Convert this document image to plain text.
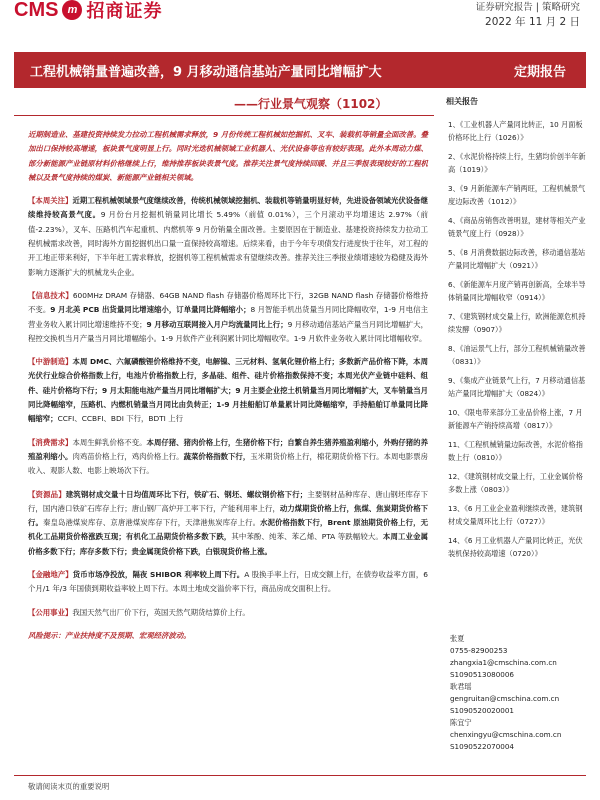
CMS m 招商证券	证券研究报告 | 策略研究
2022 年 11 月 2 日
工程机械销量普遍改善，9 月移动通信基站产量同比增幅扩大	定期报告
——行业景气观察（1102）

近期制造业、基建投资持续发力拉动工程机械需求释放，9 月份传统工程机械如挖掘机、叉车、装载机等销量全面改善。叠加出口保持较高增速，板块景气度明显上行。同时光迭机械领域工业机器人、光伏设备等也有较好表现。此外本周动力煤、部分新能源产业链原材料价格继续上行，维持推荐板块表景气度。推荐关注景气度持续回暖、并且三季报表现较好的工程机械以及景气度持续的煤炭、新能源产业链相关领域。

【本周关注】近期工程机械领域景气度继续改善，传统机械领域挖掘机、装载机等销量明显好转，先进设备领域光伏设备继续维持较高景气度。9 月份台月挖掘机销量同比增长 5.49%（前值 0.01%），三个月滚动平均增速达 2.97%（前值-2.23%），叉车、压路机汽车起重机、内燃机等 9 月份销量全面改善。主要原因在于制造业、基建投资持续发力拉动工程机械需求改善，同时海外方面挖掘机出口量一直保持较高增速。后续来看，由于今年专项债发行进度快于往年，对工程的开工地正带来利好，下半年赶工需求释放，挖掘机等工程机械需求有望继续改善。推荐关注三季报业绩增速较为稳健及海外影响力逐渐扩大的机械龙头企业。

【信息技术】600MHz DRAM 存储器、64GB NAND flash 存储器价格周环比下行，32GB NAND flash 存储器价格维持不变。9 月北美 PCB 出货量同比增速缩小，订单量同比降幅缩小；8 月智能手机出货量当月同比降幅收窄，1-9 月电信主营业务收入累计同比增速维持不变；9 月移动互联网接入月户均流量同比上行；9 月移动通信基站产量当月同比增幅扩大，程控交换机当月产量当月同比增幅缩小。1-9 月软件产业利润累计同比增幅收窄。1-9 月软件业务收入累计同比增幅收窄。

【中游制造】本周 DMC、六氟磷酸锂价格维持不变，电解镍、三元材料、氢氧化锂价格上行；多数新产品价格下降，本周光伏行业综合价格指数上行，电池片价格指数上行，多晶硅、组件、硅片价格指数保持不变；本周光伏产业链中硅料、组件、硅片价格均下行；9 月太阳能电池产量当月同比增幅扩大；9 月主要企业挖土机销量当月同比增幅扩大，叉车销量当月同比降幅缩窄，压路机、内燃机销量当月同比由负转正；1-9 月挂船舶订单量累计同比降幅缩窄，手持船舶订单量同比降幅缩窄；CCFI、CCBFI、BDI 下行，BDTI 上行

【消费需求】本周生鲜乳价格不变。本周仔猪、猪肉价格上行，生猪价格下行；自繁自养生猪养殖盈利缩小，外购仔猪的养殖盈利缩小。肉鸡苗价格上行，鸡肉价格上行。蔬菜价格指数下行，玉米期货价格上行，棉花期货价格下行。本周电影票房收入、观影人数、电影上映场次下行。

【资源品】建筑钢材成交量十日均值周环比下行，铁矿石、钢坯、螺纹钢价格下行；主要钢材品种库存、唐山钢坯库存下行，国内港口铁矿石库存上行；唐山钢厂高炉开工率下行，产能利用率上行，动力煤期货价格上行，焦煤、焦炭期货价格下行。秦皇岛港煤炭库存、京唐港煤炭库存下行，天津港焦炭库存上行。水泥价格指数下行，Brent 原油期货价格上行，无机化工品期货价格涨跌互现；有机化工品期货价格多数下跌，其中苯酚、纯苯、苯乙烯、PTA 等跌幅较大。本周工业金属价格多数下行；库存多数下行；贵金属现货价格下跌，白银现货价格上涨。

【金融地产】货币市场净投放，隔夜 SHIBOR 利率较上周下行。A 股换手率上行，日成交额上行，在债券收益率方面，6 个月/1 年/3 年国债到期收益率较上周下行。本周土地成交溢价率下行，商品房成交面积上行。

【公用事业】我国天然气出厂价下行，英国天然气期货结算价上行。

风险提示：产业扶持度不及预期、宏观经济波动。

相关报告
1、《工业机器人产量同比转正，10 月面板价格环比上行（1026）》
2、《水泥价格持续上行，生猪均价创半年新高（1019）》
3、《9 月新能源车产销两旺，工程机械景气度边际改善（1012）》
4、《商品房销售改善明显，建材等相关产业链景气度上行（0928）》
5、《8 月消费数据边际改善，移动通信基站产量同比增幅扩大（0921）》
6、《新能源车月度产销再创新高，全球半导体销量同比增幅收窄（0914）》
7、《建筑钢材成交量上行，欧洲能源危机持续发酵（0907）》
8、《油运景气上行，部分工程机械销量改善（0831）》
9、《集成产业链景气上行，7 月移动通信基站产量同比增幅扩大（0824）》
10、《限电带来部分工业品价格上涨，7 月新能源车产销持续高增（0817）》
11、《工程机械销量边际改善，水泥价格指数上行（0810）》
12、《建筑钢材成交量上行，工业金属价格多数上涨（0803）》
13、《6 月工业企业盈利继续改善，建筑钢材成交量周环比上行（0727）》
14、《6 月工业机器人产量同比转正，光伏装机保持较高增速（0720）》
张夏
0755-82900253
zhangxia1@cmschina.com.cn
S1090513080006
耿君瑶
gengruitan@cmschina.com.cn
S1090520020001
陈宜宁
chenxingyu@cmschina.com.cn
S1090522070004
敬请阅读末页的重要说明
